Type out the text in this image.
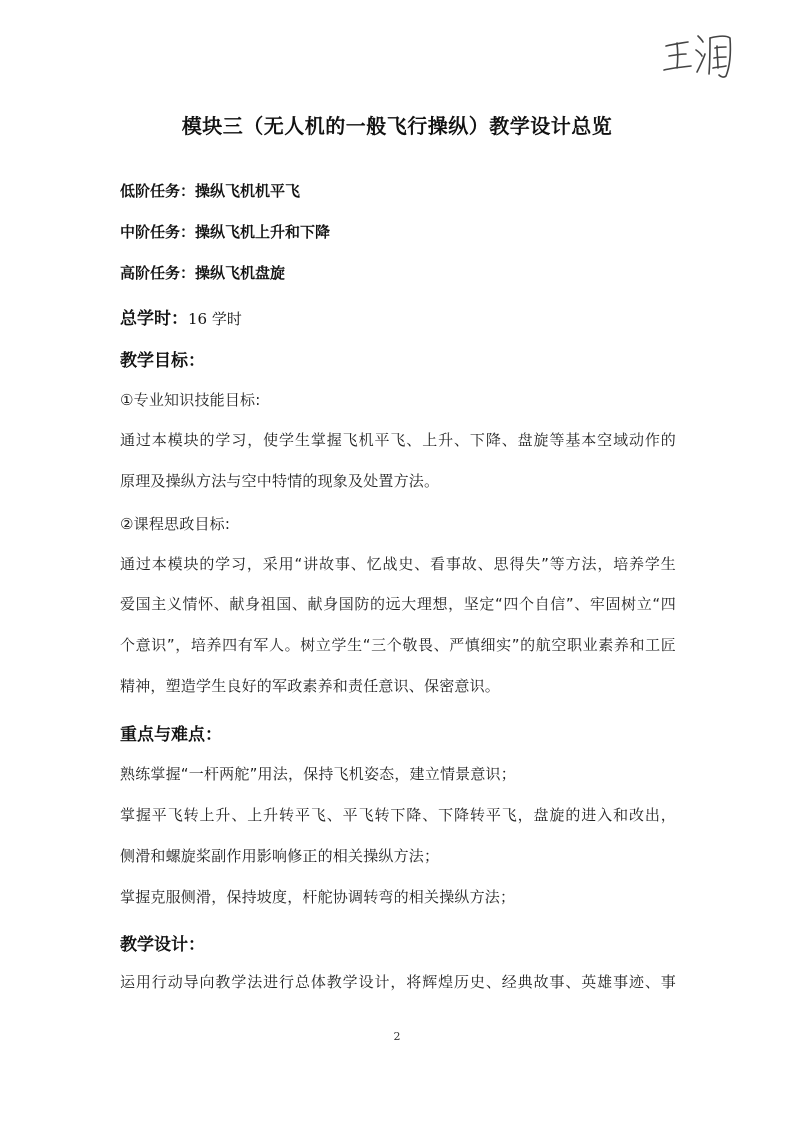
模块三（无人机的一般飞行操纵）教学设计总览
低阶任务：操纵飞机机平飞
中阶任务：操纵飞机上升和下降
高阶任务：操纵飞机盘旋
总学时：16 学时
教学目标：
①专业知识技能目标:
通过本模块的学习，使学生掌握飞机平飞、上升、下降、盘旋等基本空域动作的
原理及操纵方法与空中特情的现象及处置方法。
②课程思政目标:
通过本模块的学习，采用“讲故事、忆战史、看事故、思得失”等方法，培养学生
爱国主义情怀、献身祖国、献身国防的远大理想，坚定“四个自信”、牢固树立“四
个意识”，培养四有军人。树立学生“三个敬畏、严慎细实”的航空职业素养和工匠
精神，塑造学生良好的军政素养和责任意识、保密意识。
重点与难点：
熟练掌握“一杆两舵”用法，保持飞机姿态，建立情景意识；
掌握平飞转上升、上升转平飞、平飞转下降、下降转平飞，盘旋的进入和改出，
侧滑和螺旋桨副作用影响修正的相关操纵方法；
掌握克服侧滑，保持坡度，杆舵协调转弯的相关操纵方法；
教学设计：
运用行动导向教学法进行总体教学设计，将辉煌历史、经典故事、英雄事迹、事
2
